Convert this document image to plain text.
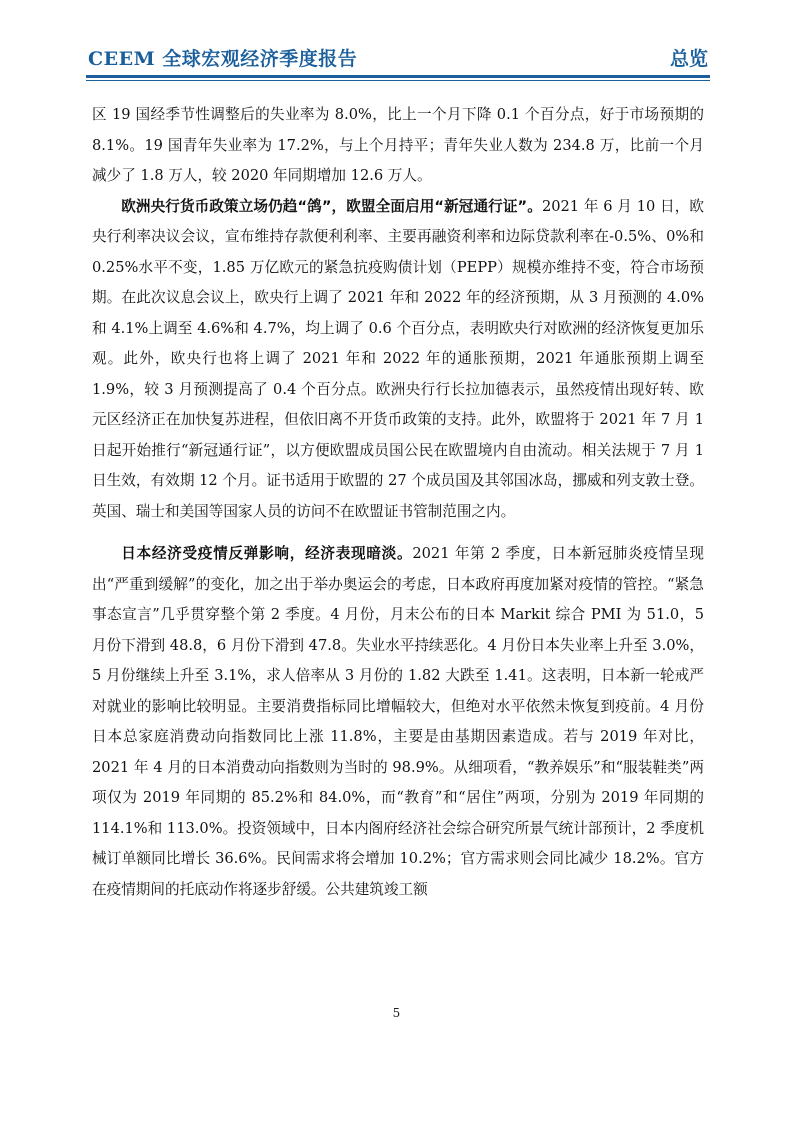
CEEM 全球宏观经济季度报告	总览

区 19 国经季节性调整后的失业率为 8.0%，比上一个月下降 0.1 个百分点，好于市场预期的 8.1%。19 国青年失业率为 17.2%，与上个月持平；青年失业人数为 234.8 万，比前一个月减少了 1.8 万人，较 2020 年同期增加 12.6 万人。

欧洲央行货币政策立场仍趋“鸽”，欧盟全面启用“新冠通行证”。2021 年 6 月 10 日，欧央行利率决议会议，宣布维持存款便利利率、主要再融资利率和边际贷款利率在-0.5%、0%和 0.25%水平不变，1.85 万亿欧元的紧急抗疫购债计划（PEPP）规模亦维持不变，符合市场预期。在此次议息会议上，欧央行上调了 2021 年和 2022 年的经济预期，从 3 月预测的 4.0%和 4.1%上调至 4.6%和 4.7%，均上调了 0.6 个百分点，表明欧央行对欧洲的经济恢复更加乐观。此外，欧央行也将上调了 2021 年和 2022 年的通胀预期，2021 年通胀预期上调至 1.9%，较 3 月预测提高了 0.4 个百分点。欧洲央行行长拉加德表示，虽然疫情出现好转、欧元区经济正在加快复苏进程，但依旧离不开货币政策的支持。此外，欧盟将于 2021 年 7 月 1 日起开始推行“新冠通行证”，以方便欧盟成员国公民在欧盟境内自由流动。相关法规于 7 月 1 日生效，有效期 12 个月。证书适用于欧盟的 27 个成员国及其邻国冰岛，挪威和列支敦士登。英国、瑞士和美国等国家人员的访问不在欧盟证书管制范围之内。

日本经济受疫情反弹影响，经济表现暗淡。2021 年第 2 季度，日本新冠肺炎疫情呈现出“严重到缓解”的变化，加之出于举办奥运会的考虑，日本政府再度加紧对疫情的管控。“紧急事态宣言”几乎贯穿整个第 2 季度。4 月份，月末公布的日本 Markit 综合 PMI 为 51.0，5 月份下滑到 48.8，6 月份下滑到 47.8。失业水平持续恶化。4 月份日本失业率上升至 3.0%，5 月份继续上升至 3.1%，求人倍率从 3 月份的 1.82 大跌至 1.41。这表明，日本新一轮戒严对就业的影响比较明显。主要消费指标同比增幅较大，但绝对水平依然未恢复到疫前。4 月份日本总家庭消费动向指数同比上涨 11.8%，主要是由基期因素造成。若与 2019 年对比，2021 年 4 月的日本消费动向指数则为当时的 98.9%。从细项看，“教养娱乐”和“服装鞋类”两项仅为 2019 年同期的 85.2%和 84.0%，而“教育”和“居住”两项，分别为 2019 年同期的 114.1%和 113.0%。投资领域中，日本内阁府经济社会综合研究所景气统计部预计，2 季度机械订单额同比增长 36.6%。民间需求将会增加 10.2%；官方需求则会同比减少 18.2%。官方在疫情期间的托底动作将逐步舒缓。公共建筑竣工额

5
